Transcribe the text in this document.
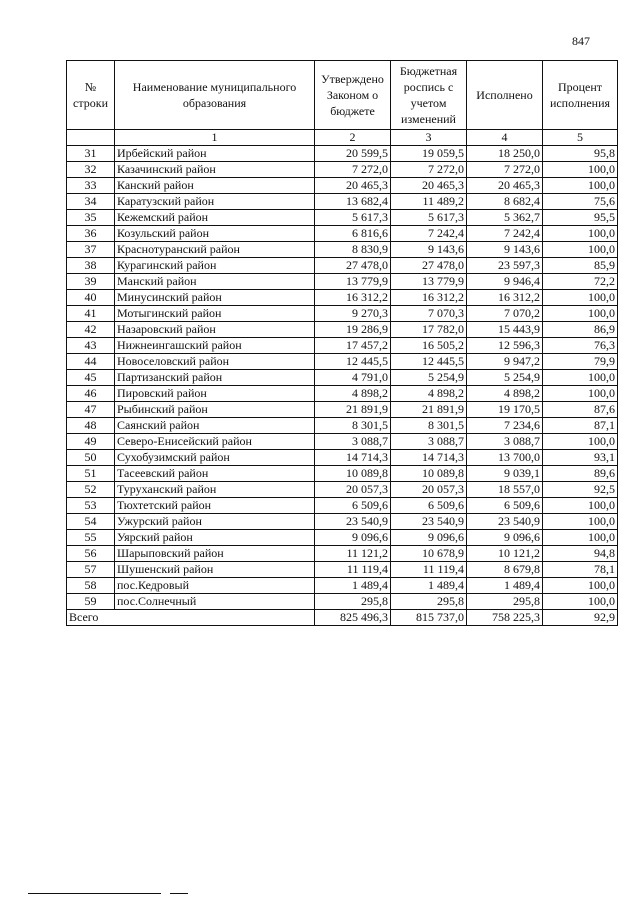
847
№ строки	Наименование муниципального образования	Утверждено Законом о бюджете	Бюджетная роспись с учетом изменений	Исполнено	Процент исполнения
	1	2	3	4	5
31	Ирбейский район	20 599,5	19 059,5	18 250,0	95,8
32	Казачинский район	7 272,0	7 272,0	7 272,0	100,0
33	Канский район	20 465,3	20 465,3	20 465,3	100,0
34	Каратузский район	13 682,4	11 489,2	8 682,4	75,6
35	Кежемский район	5 617,3	5 617,3	5 362,7	95,5
36	Козульский район	6 816,6	7 242,4	7 242,4	100,0
37	Краснотуранский район	8 830,9	9 143,6	9 143,6	100,0
38	Курагинский район	27 478,0	27 478,0	23 597,3	85,9
39	Манский район	13 779,9	13 779,9	9 946,4	72,2
40	Минусинский район	16 312,2	16 312,2	16 312,2	100,0
41	Мотыгинский район	9 270,3	7 070,3	7 070,2	100,0
42	Назаровский район	19 286,9	17 782,0	15 443,9	86,9
43	Нижнеингашский район	17 457,2	16 505,2	12 596,3	76,3
44	Новоселовский район	12 445,5	12 445,5	9 947,2	79,9
45	Партизанский район	4 791,0	5 254,9	5 254,9	100,0
46	Пировский район	4 898,2	4 898,2	4 898,2	100,0
47	Рыбинский район	21 891,9	21 891,9	19 170,5	87,6
48	Саянский район	8 301,5	8 301,5	7 234,6	87,1
49	Северо-Енисейский район	3 088,7	3 088,7	3 088,7	100,0
50	Сухобузимский район	14 714,3	14 714,3	13 700,0	93,1
51	Тасеевский район	10 089,8	10 089,8	9 039,1	89,6
52	Туруханский район	20 057,3	20 057,3	18 557,0	92,5
53	Тюхтетский район	6 509,6	6 509,6	6 509,6	100,0
54	Ужурский район	23 540,9	23 540,9	23 540,9	100,0
55	Уярский район	9 096,6	9 096,6	9 096,6	100,0
56	Шарыповский район	11 121,2	10 678,9	10 121,2	94,8
57	Шушенский район	11 119,4	11 119,4	8 679,8	78,1
58	пос.Кедровый	1 489,4	1 489,4	1 489,4	100,0
59	пос.Солнечный	295,8	295,8	295,8	100,0
Всего		825 496,3	815 737,0	758 225,3	92,9
